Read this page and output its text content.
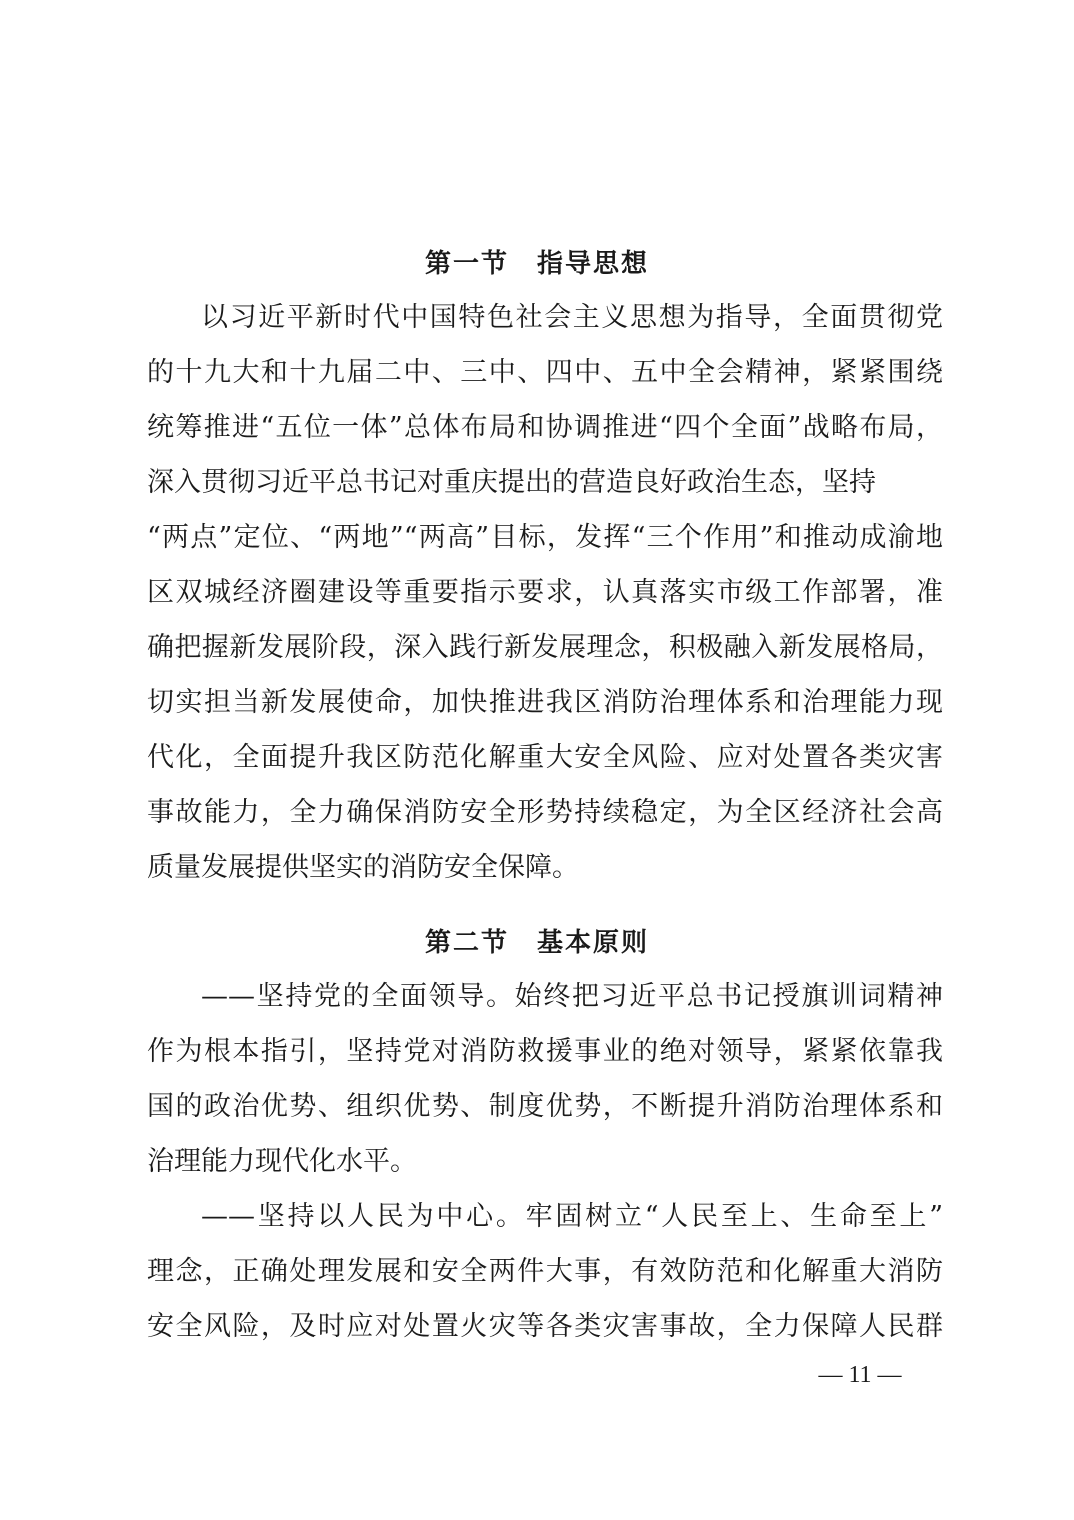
第一节　指导思想
以习近平新时代中国特色社会主义思想为指导，全面贯彻党
的十九大和十九届二中、三中、四中、五中全会精神，紧紧围绕
统筹推进“五位一体”总体布局和协调推进“四个全面”战略布局，
深入贯彻习近平总书记对重庆提出的营造良好政治生态，坚持
“两点”定位、“两地”“两高”目标，发挥“三个作用”和推动成渝地
区双城经济圈建设等重要指示要求，认真落实市级工作部署，准
确把握新发展阶段，深入践行新发展理念，积极融入新发展格局，
切实担当新发展使命，加快推进我区消防治理体系和治理能力现
代化，全面提升我区防范化解重大安全风险、应对处置各类灾害
事故能力，全力确保消防安全形势持续稳定，为全区经济社会高
质量发展提供坚实的消防安全保障。
第二节　基本原则
——坚持党的全面领导。始终把习近平总书记授旗训词精神
作为根本指引，坚持党对消防救援事业的绝对领导，紧紧依靠我
国的政治优势、组织优势、制度优势，不断提升消防治理体系和
治理能力现代化水平。
——坚持以人民为中心。牢固树立“人民至上、生命至上”
理念，正确处理发展和安全两件大事，有效防范和化解重大消防
安全风险，及时应对处置火灾等各类灾害事故，全力保障人民群
— 11 —
